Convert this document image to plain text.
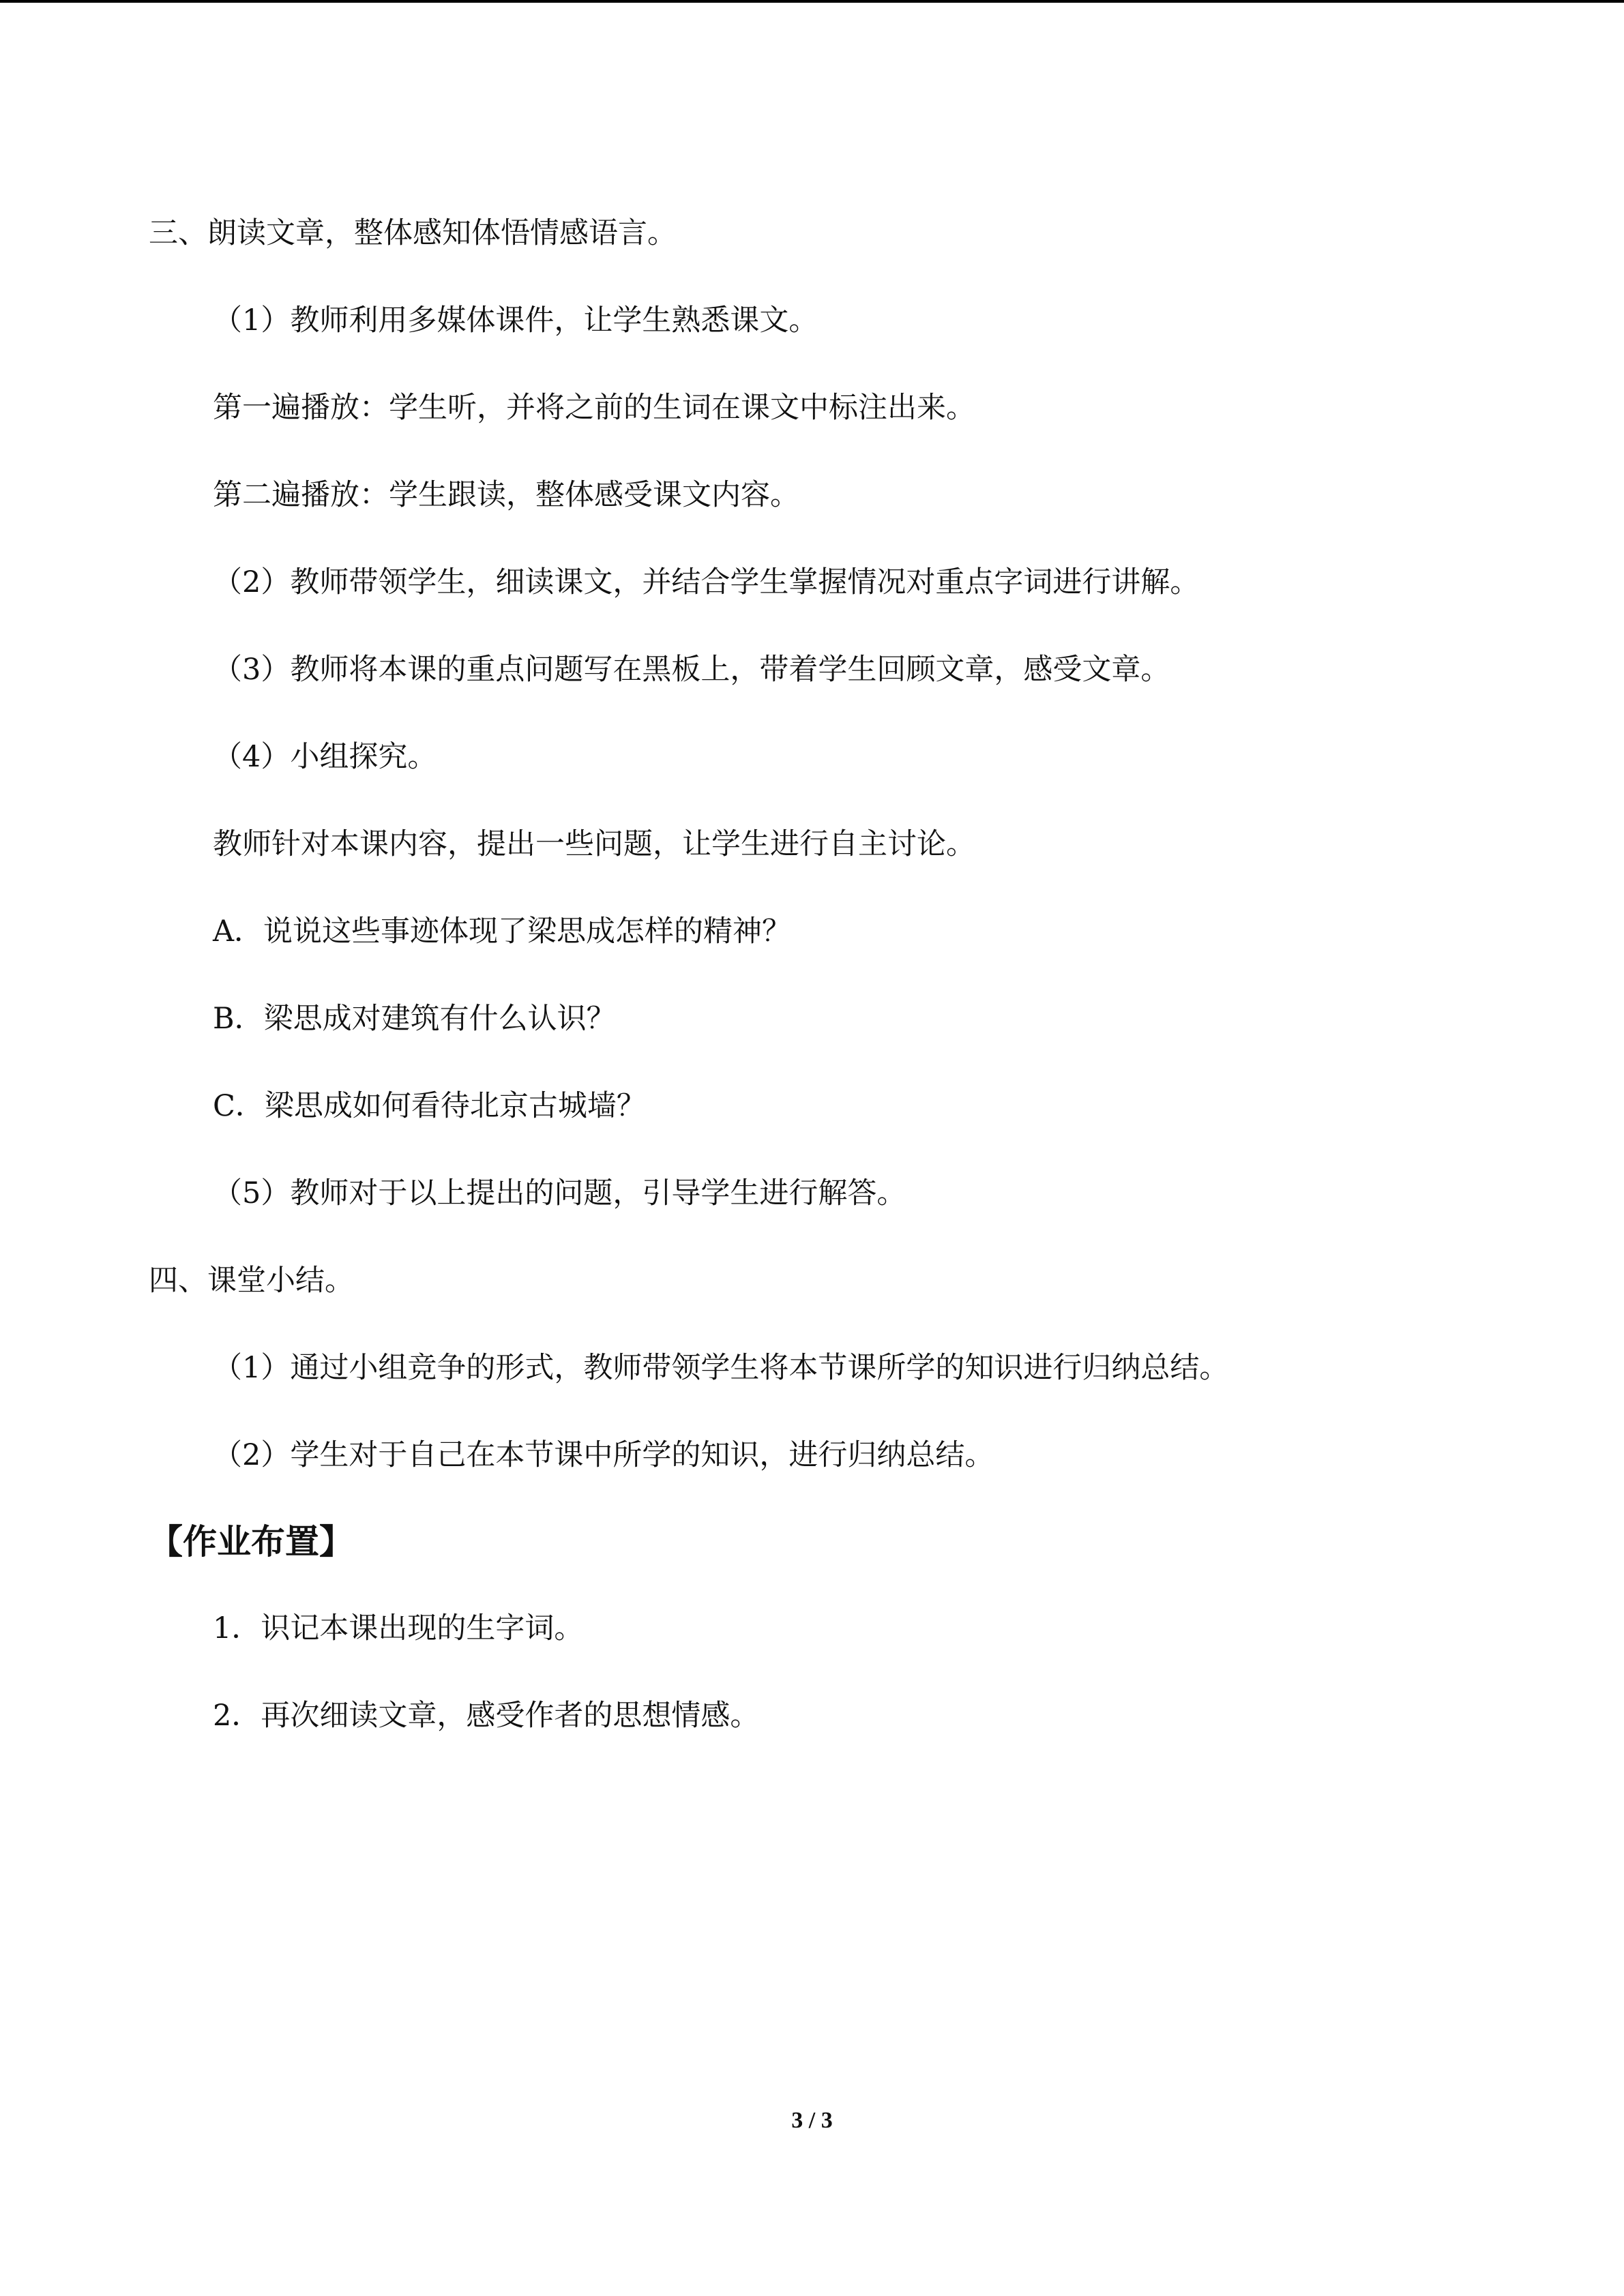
三、朗读文章，整体感知体悟情感语言。
（1）教师利用多媒体课件，让学生熟悉课文。
第一遍播放：学生听，并将之前的生词在课文中标注出来。
第二遍播放：学生跟读，整体感受课文内容。
（2）教师带领学生，细读课文，并结合学生掌握情况对重点字词进行讲解。
（3）教师将本课的重点问题写在黑板上，带着学生回顾文章，感受文章。
（4）小组探究。
教师针对本课内容，提出一些问题，让学生进行自主讨论。
A．说说这些事迹体现了梁思成怎样的精神？
B．梁思成对建筑有什么认识？
C．梁思成如何看待北京古城墙？
（5）教师对于以上提出的问题，引导学生进行解答。
四、课堂小结。
（1）通过小组竞争的形式，教师带领学生将本节课所学的知识进行归纳总结。
（2）学生对于自己在本节课中所学的知识，进行归纳总结。
【作业布置】
1．识记本课出现的生字词。
2．再次细读文章，感受作者的思想情感。
3 / 3
